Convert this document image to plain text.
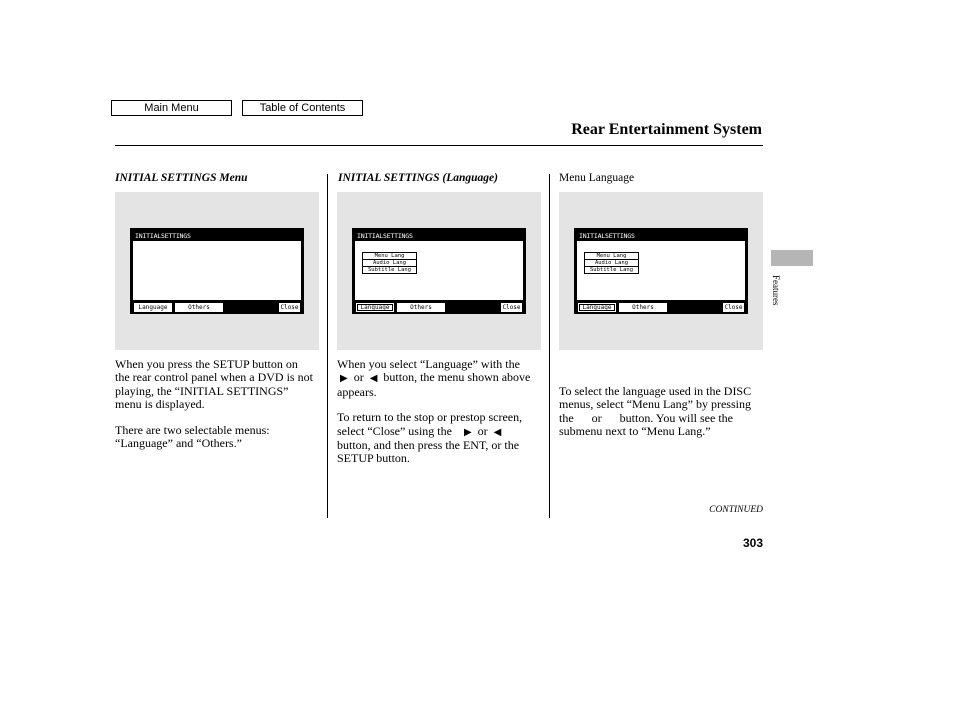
Main Menu	Table of Contents
Rear Entertainment System
INITIAL SETTINGS Menu
INITIALSETTINGS
Language	Others	Close

When you press the SETUP button on the rear control panel when a DVD is not playing, the “INITIAL SETTINGS” menu is displayed.

There are two selectable menus: “Language” and “Others.”

INITIAL SETTINGS (Language)
INITIALSETTINGS
Menu Lang
Audio Lang
Subtitle Lang
Language	Others	Close

When you select “Language” with the  ▶ or ◀ button, the menu shown above appears.

To return to the stop or prestop screen, select “Close” using the ▶ or ◀  button, and then press the ENT, or the SETUP button.

Menu Language
INITIALSETTINGS
Menu Lang
Audio Lang
Subtitle Lang
Language	Others	Close

To select the language used in the DISC menus, select “Menu Lang” by pressing the      or      button. You will see the submenu next to “Menu Lang.”

Features
CONTINUED
303
